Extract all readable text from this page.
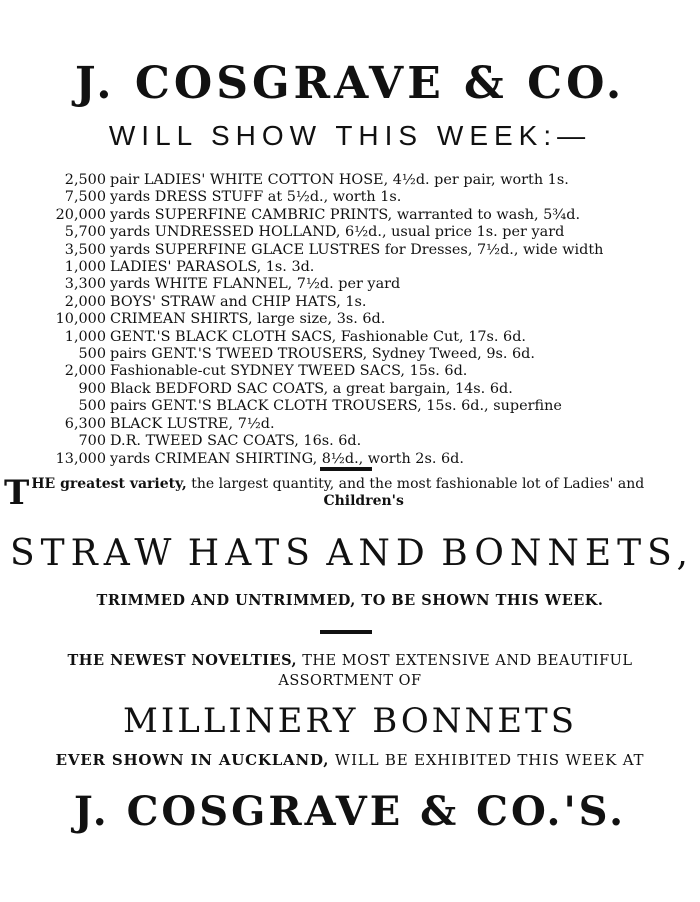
J. COSGRAVE & CO.
WILL SHOW THIS WEEK:—
2,500 pair LADIES' WHITE COTTON HOSE, 4½d. per pair, worth 1s.
7,500 yards DRESS STUFF at 5½d., worth 1s.
20,000 yards SUPERFINE CAMBRIC PRINTS, warranted to wash, 5¾d.
5,700 yards UNDRESSED HOLLAND, 6½d., usual price 1s. per yard
3,500 yards SUPERFINE GLACE LUSTRES for Dresses, 7½d., wide width
1,000 LADIES' PARASOLS, 1s. 3d.
3,300 yards WHITE FLANNEL, 7½d. per yard
2,000 BOYS' STRAW and CHIP HATS, 1s.
10,000 CRIMEAN SHIRTS, large size, 3s. 6d.
1,000 GENT.'S BLACK CLOTH SACS, Fashionable Cut, 17s. 6d.
500 pairs GENT.'S TWEED TROUSERS, Sydney Tweed, 9s. 6d.
2,000 Fashionable-cut SYDNEY TWEED SACS, 15s. 6d.
900 Black BEDFORD SAC COATS, a great bargain, 14s. 6d.
500 pairs GENT.'S BLACK CLOTH TROUSERS, 15s. 6d., superfine
6,300 BLACK LUSTRE, 7½d.
700 D.R. TWEED SAC COATS, 16s. 6d.
13,000 yards CRIMEAN SHIRTING, 8½d., worth 2s. 6d.
T HE greatest variety, the largest quantity, and the most fashionable lot of Ladies' and
Children's
STRAW HATS AND BONNETS,
TRIMMED AND UNTRIMMED, TO BE SHOWN THIS WEEK.
THE NEWEST NOVELTIES, THE MOST EXTENSIVE AND BEAUTIFUL
ASSORTMENT OF
MILLINERY BONNETS
EVER SHOWN IN AUCKLAND, WILL BE EXHIBITED THIS WEEK AT
J. COSGRAVE & CO.'S.
